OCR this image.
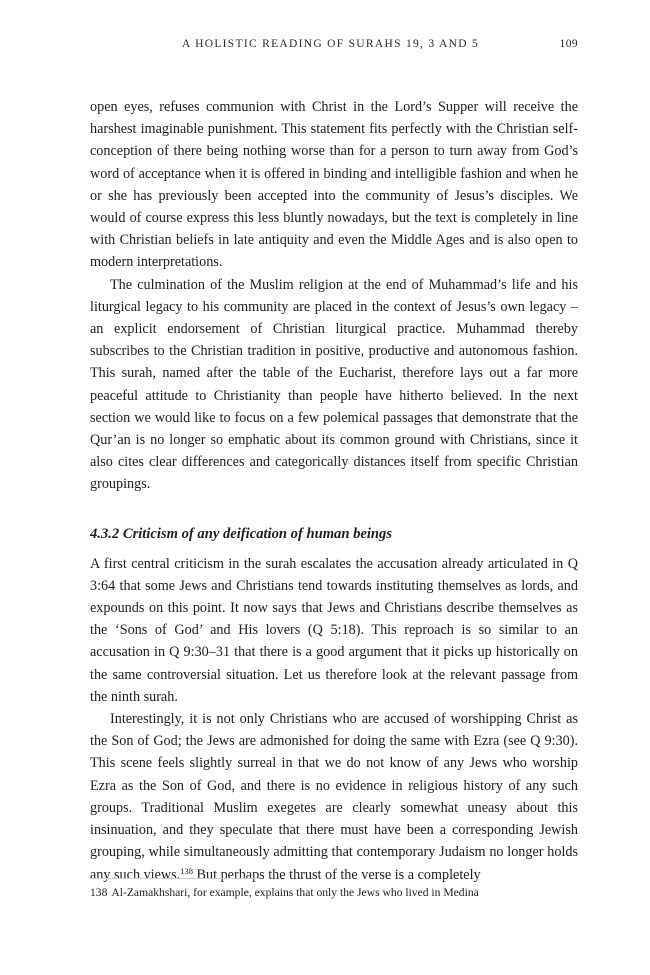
A HOLISTIC READING OF SURAHS 19, 3 AND 5	109

open eyes, refuses communion with Christ in the Lord’s Supper will receive the harshest imaginable punishment. This statement fits perfectly with the Christian self-conception of there being nothing worse than for a person to turn away from God’s word of acceptance when it is offered in binding and intelligible fashion and when he or she has previously been accepted into the community of Jesus’s disciples. We would of course express this less bluntly nowadays, but the text is completely in line with Christian beliefs in late antiquity and even the Middle Ages and is also open to modern interpretations.

The culmination of the Muslim religion at the end of Muhammad’s life and his liturgical legacy to his community are placed in the context of Jesus’s own legacy – an explicit endorsement of Christian liturgical practice. Muhammad thereby subscribes to the Christian tradition in positive, productive and autonomous fashion. This surah, named after the table of the Eucharist, therefore lays out a far more peaceful attitude to Christianity than people have hitherto believed. In the next section we would like to focus on a few polemical passages that demonstrate that the Qur’an is no longer so emphatic about its common ground with Christians, since it also cites clear differences and categorically distances itself from specific Christian groupings.

4.3.2 Criticism of any deification of human beings

A first central criticism in the surah escalates the accusation already articulated in Q 3:64 that some Jews and Christians tend towards instituting themselves as lords, and expounds on this point. It now says that Jews and Christians describe themselves as the ‘Sons of God’ and His lovers (Q 5:18). This reproach is so similar to an accusation in Q 9:30–31 that there is a good argument that it picks up historically on the same controversial situation. Let us therefore look at the relevant passage from the ninth surah.

Interestingly, it is not only Christians who are accused of worshipping Christ as the Son of God; the Jews are admonished for doing the same with Ezra (see Q 9:30). This scene feels slightly surreal in that we do not know of any Jews who worship Ezra as the Son of God, and there is no evidence in religious history of any such groups. Traditional Muslim exegetes are clearly somewhat uneasy about this insinuation, and they speculate that there must have been a corresponding Jewish grouping, while simultaneously admitting that contemporary Judaism no longer holds any such views.$^{138}$ But perhaps the thrust of the verse is a completely

138 Al-Zamakhshari, for example, explains that only the Jews who lived in Medina
